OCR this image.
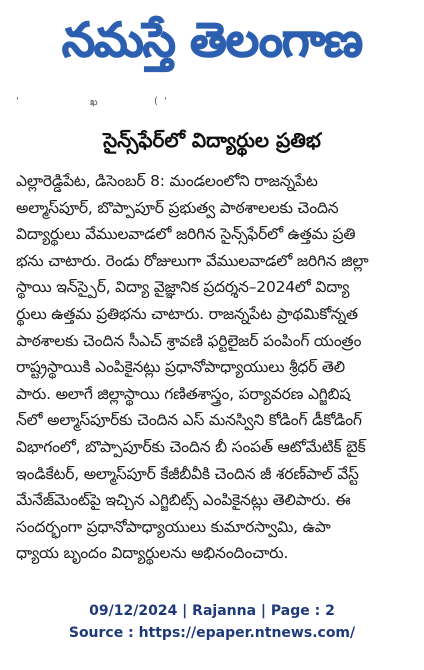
నమస్తే తెలంగాణ
'	ఖ	( '
సైన్స్‌ఫేర్‌లో విద్యార్థుల ప్రతిభ
ఎల్లారెడ్డిపేట, డిసెంబర్ 8: మండలంలోని రాజన్నపేట
అల్మాస్‌పూర్, బొప్పాపూర్ ప్రభుత్వ పాఠశాలలకు చెందిన
విద్యార్థులు వేములవాడలో జరిగిన సైన్స్‌ఫేర్‌లో ఉత్తమ ప్రతి
భను చాటారు. రెండు రోజులుగా వేములవాడలో జరిగిన జిల్లా
స్థాయి ఇన్‌స్పైర్, విద్యా వైజ్ఞానిక ప్రదర్శన–2024లో విద్యా
ర్థులు ఉత్తమ ప్రతిభను చాటారు. రాజన్నపేట ప్రాథమికోన్నత
పాఠశాలకు చెందిన సీఎచ్ శ్రావణి ఫర్టిలైజర్ పంపింగ్ యంత్రం
రాష్ట్రస్థాయికి ఎంపికైనట్లు ప్రధానోపాధ్యాయులు శ్రీధర్ తెలి
పారు. అలాగే జిల్లాస్థాయి గణితశాస్త్రం, పర్యావరణ ఎగ్జిబిష
న్‌లో అల్మాస్‌పూర్‌కు చెందిన ఎస్ మనస్విని కోడింగ్ డీకోడింగ్
విభాగంలో, బొప్పాపూర్‌కు చెందిన బీ సంపత్ ఆటోమేటిక్ బైక్
ఇండికేటర్, అల్మాస్‌పూర్ కేజీబీవీకి చెందిన జీ శరణ్‌పాల్ వేస్ట్
మేనేజ్‌మెంట్‌పై ఇచ్చిన ఎగ్జిబిట్స్ ఎంపికైనట్లు తెలిపారు. ఈ
సందర్భంగా ప్రధానోపాధ్యాయులు కుమారస్వామి, ఉపా
ధ్యాయ బృందం విద్యార్థులను అభినందించారు.
09/12/2024 | Rajanna | Page : 2
Source : https://epaper.ntnews.com/
